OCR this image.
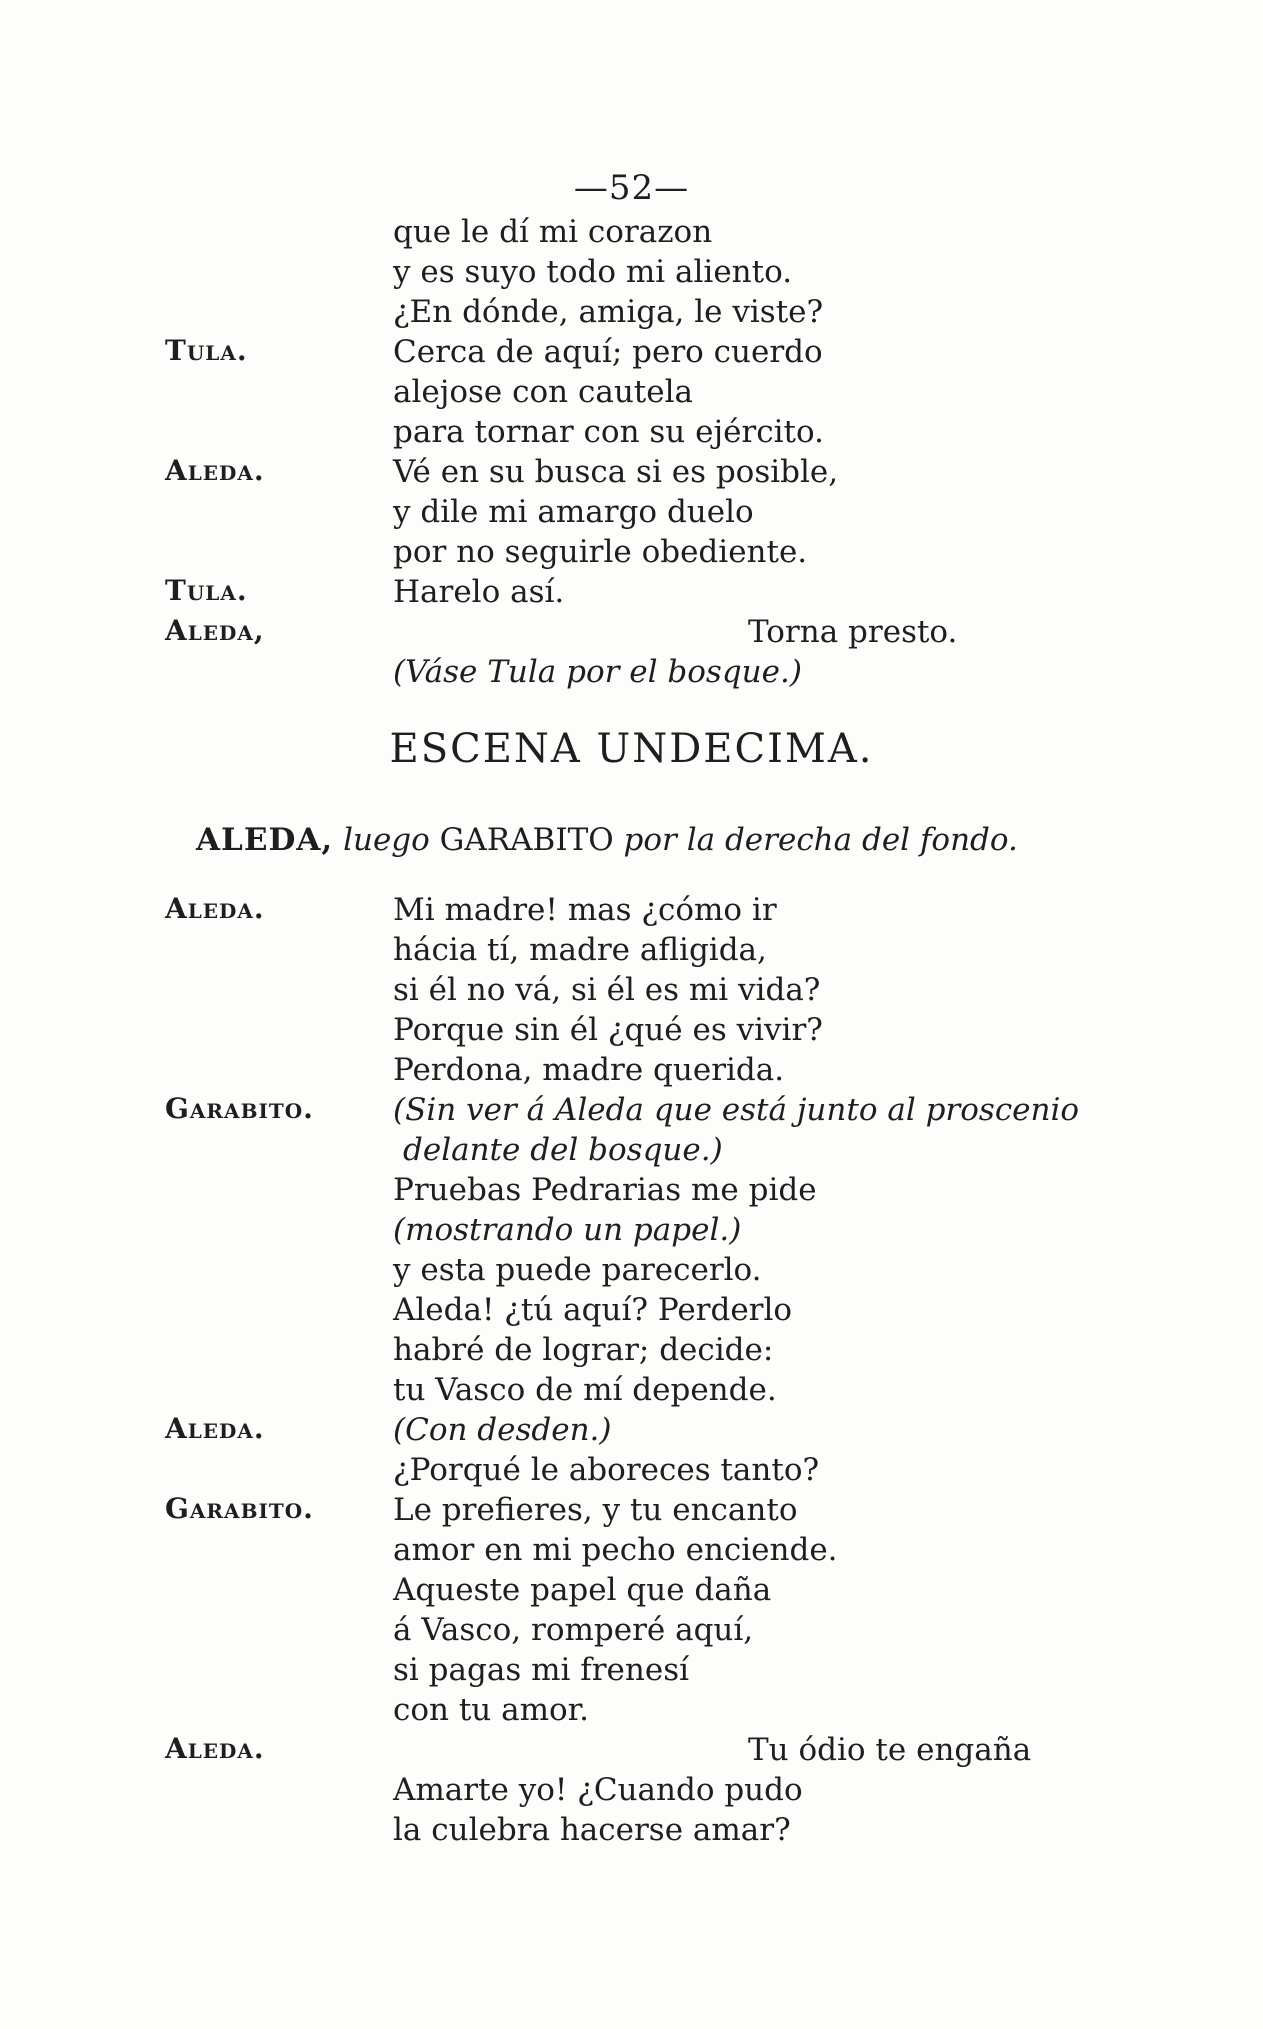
—52—
que le dí mi corazon
y es suyo todo mi aliento.
¿En dónde, amiga, le viste?
Tula.	Cerca de aquí; pero cuerdo
alejose con cautela
para tornar con su ejército.
Aleda.	Vé en su busca si es posible,
y dile mi amargo duelo
por no seguirle obediente.
Tula.	Harelo así.
Aleda,	Torna presto.
(Váse Tula por el bosque.)
ESCENA UNDECIMA.
ALEDA, luego GARABITO por la derecha del fondo.
Aleda.	Mi madre! mas ¿cómo ir
hácia tí, madre afligida,
si él no vá, si él es mi vida?
Porque sin él ¿qué es vivir?
Perdona, madre querida.
Garabito.	(Sin ver á Aleda que está junto al proscenio
delante del bosque.)
Pruebas Pedrarias me pide
(mostrando un papel.)
y esta puede parecerlo.
Aleda! ¿tú aquí? Perderlo
habré de lograr; decide:
tu Vasco de mí depende.
Aleda.	(Con desden.)
¿Porqué le aboreces tanto?
Garabito.	Le prefieres, y tu encanto
amor en mi pecho enciende.
Aqueste papel que daña
á Vasco, romperé aquí,
si pagas mi frenesí
con tu amor.
Aleda.	Tu ódio te engaña
Amarte yo! ¿Cuando pudo
la culebra hacerse amar?
